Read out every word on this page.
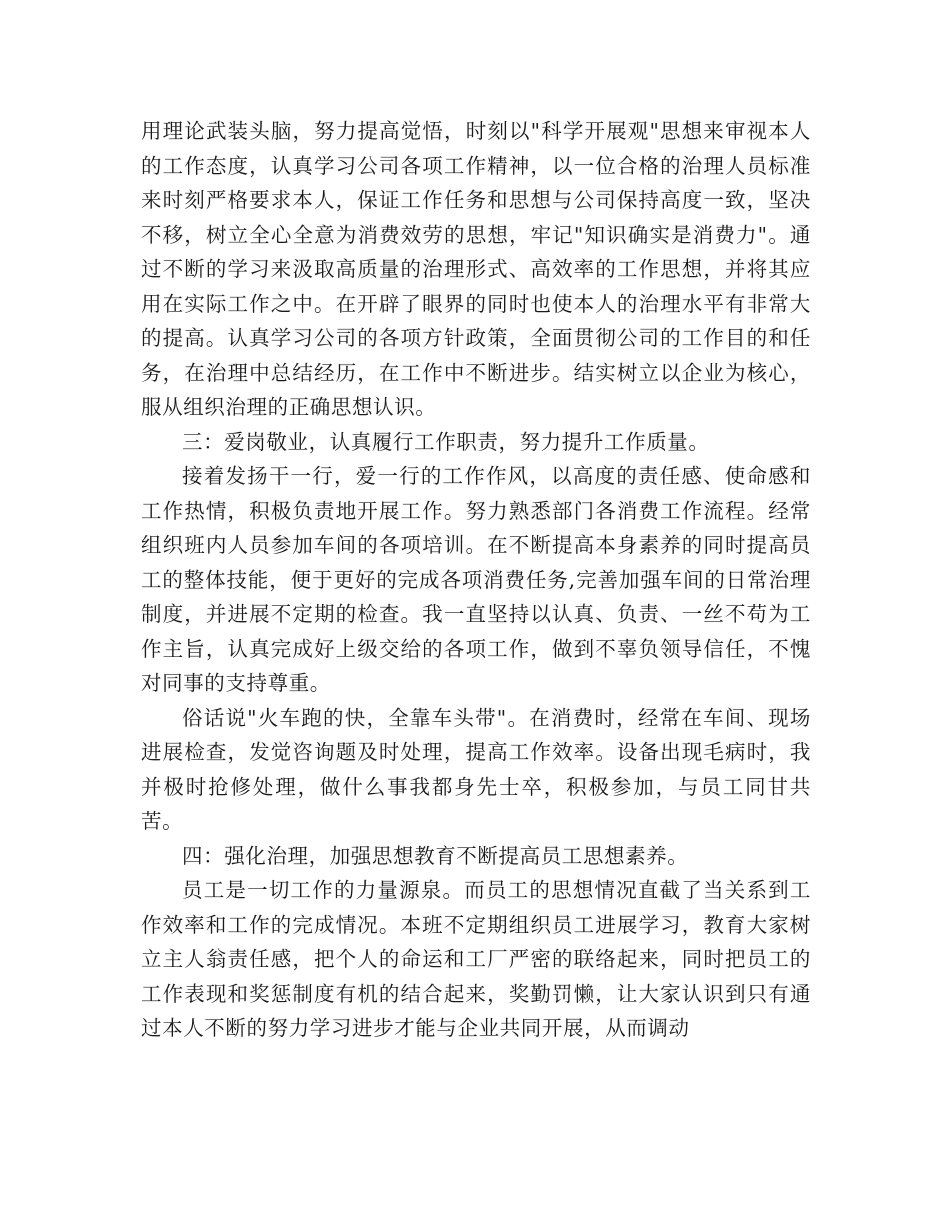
用理论武装头脑，努力提高觉悟，时刻以"科学开展观"思想来审视本人的工作态度，认真学习公司各项工作精神，以一位合格的治理人员标准来时刻严格要求本人，保证工作任务和思想与公司保持高度一致，坚决不移，树立全心全意为消费效劳的思想，牢记"知识确实是消费力"。通过不断的学习来汲取高质量的治理形式、高效率的工作思想，并将其应用在实际工作之中。在开辟了眼界的同时也使本人的治理水平有非常大的提高。认真学习公司的各项方针政策，全面贯彻公司的工作目的和任务，在治理中总结经历，在工作中不断进步。结实树立以企业为核心，服从组织治理的正确思想认识。

三：爱岗敬业，认真履行工作职责，努力提升工作质量。

接着发扬干一行，爱一行的工作作风，以高度的责任感、使命感和工作热情，积极负责地开展工作。努力熟悉部门各消费工作流程。经常组织班内人员参加车间的各项培训。在不断提高本身素养的同时提高员工的整体技能，便于更好的完成各项消费任务,完善加强车间的日常治理制度，并进展不定期的检查。我一直坚持以认真、负责、一丝不苟为工作主旨，认真完成好上级交给的各项工作，做到不辜负领导信任，不愧对同事的支持尊重。

俗话说"火车跑的快，全靠车头带"。在消费时，经常在车间、现场进展检查，发觉咨询题及时处理，提高工作效率。设备出现毛病时，我并极时抢修处理，做什么事我都身先士卒，积极参加，与员工同甘共苦。

四：强化治理，加强思想教育不断提高员工思想素养。

员工是一切工作的力量源泉。而员工的思想情况直截了当关系到工作效率和工作的完成情况。本班不定期组织员工进展学习，教育大家树立主人翁责任感，把个人的命运和工厂严密的联络起来，同时把员工的工作表现和奖惩制度有机的结合起来，奖勤罚懒，让大家认识到只有通过本人不断的努力学习进步才能与企业共同开展，从而调动
